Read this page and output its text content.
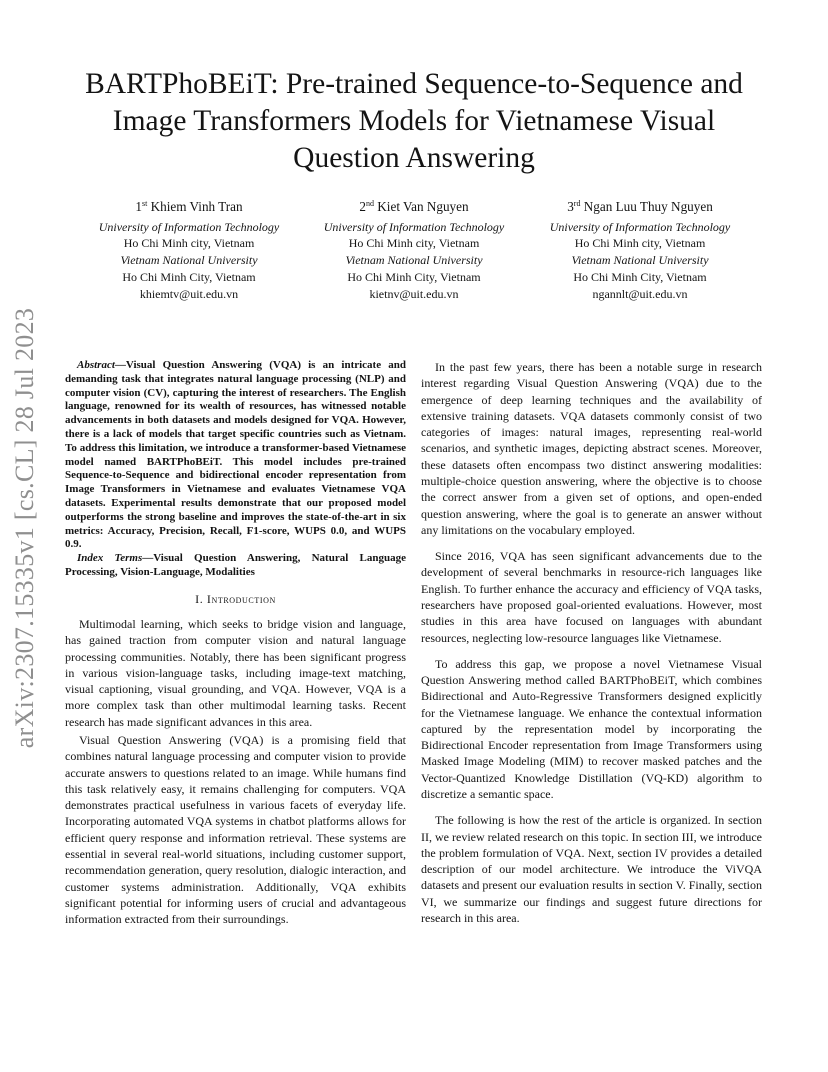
arXiv:2307.15335v1 [cs.CL] 28 Jul 2023
BARTPhoBEiT: Pre-trained Sequence-to-Sequence and Image Transformers Models for Vietnamese Visual Question Answering
1st Khiem Vinh Tran
University of Information Technology
Ho Chi Minh city, Vietnam
Vietnam National University
Ho Chi Minh City, Vietnam
khiemtv@uit.edu.vn
2nd Kiet Van Nguyen
University of Information Technology
Ho Chi Minh city, Vietnam
Vietnam National University
Ho Chi Minh City, Vietnam
kietnv@uit.edu.vn
3rd Ngan Luu Thuy Nguyen
University of Information Technology
Ho Chi Minh city, Vietnam
Vietnam National University
Ho Chi Minh City, Vietnam
ngannlt@uit.edu.vn

Abstract—Visual Question Answering (VQA) is an intricate and demanding task that integrates natural language processing (NLP) and computer vision (CV), capturing the interest of researchers. The English language, renowned for its wealth of resources, has witnessed notable advancements in both datasets and models designed for VQA. However, there is a lack of models that target specific countries such as Vietnam. To address this limitation, we introduce a transformer-based Vietnamese model named BARTPhoBEiT. This model includes pre-trained Sequence-to-Sequence and bidirectional encoder representation from Image Transformers in Vietnamese and evaluates Vietnamese VQA datasets. Experimental results demonstrate that our proposed model outperforms the strong baseline and improves the state-of-the-art in six metrics: Accuracy, Precision, Recall, F1-score, WUPS 0.0, and WUPS 0.9.

Index Terms—Visual Question Answering, Natural Language Processing, Vision-Language, Modalities

I. Introduction

Multimodal learning, which seeks to bridge vision and language, has gained traction from computer vision and natural language processing communities. Notably, there has been significant progress in various vision-language tasks, including image-text matching, visual captioning, visual grounding, and VQA. However, VQA is a more complex task than other multimodal learning tasks. Recent research has made significant advances in this area.

Visual Question Answering (VQA) is a promising field that combines natural language processing and computer vision to provide accurate answers to questions related to an image. While humans find this task relatively easy, it remains challenging for computers. VQA demonstrates practical usefulness in various facets of everyday life. Incorporating automated VQA systems in chatbot platforms allows for efficient query response and information retrieval. These systems are essential in several real-world situations, including customer support, recommendation generation, query resolution, dialogic interaction, and customer systems administration. Additionally, VQA exhibits significant potential for informing users of crucial and advantageous information extracted from their surroundings.

In the past few years, there has been a notable surge in research interest regarding Visual Question Answering (VQA) due to the emergence of deep learning techniques and the availability of extensive training datasets. VQA datasets commonly consist of two categories of images: natural images, representing real-world scenarios, and synthetic images, depicting abstract scenes. Moreover, these datasets often encompass two distinct answering modalities: multiple-choice question answering, where the objective is to choose the correct answer from a given set of options, and open-ended question answering, where the goal is to generate an answer without any limitations on the vocabulary employed.

Since 2016, VQA has seen significant advancements due to the development of several benchmarks in resource-rich languages like English. To further enhance the accuracy and efficiency of VQA tasks, researchers have proposed goal-oriented evaluations. However, most studies in this area have focused on languages with abundant resources, neglecting low-resource languages like Vietnamese.

To address this gap, we propose a novel Vietnamese Visual Question Answering method called BARTPhoBEiT, which combines Bidirectional and Auto-Regressive Transformers designed explicitly for the Vietnamese language. We enhance the contextual information captured by the representation model by incorporating the Bidirectional Encoder representation from Image Transformers using Masked Image Modeling (MIM) to recover masked patches and the Vector-Quantized Knowledge Distillation (VQ-KD) algorithm to discretize a semantic space.

The following is how the rest of the article is organized. In section II, we review related research on this topic. In section III, we introduce the problem formulation of VQA. Next, section IV provides a detailed description of our model architecture. We introduce the ViVQA datasets and present our evaluation results in section V. Finally, section VI, we summarize our findings and suggest future directions for research in this area.
